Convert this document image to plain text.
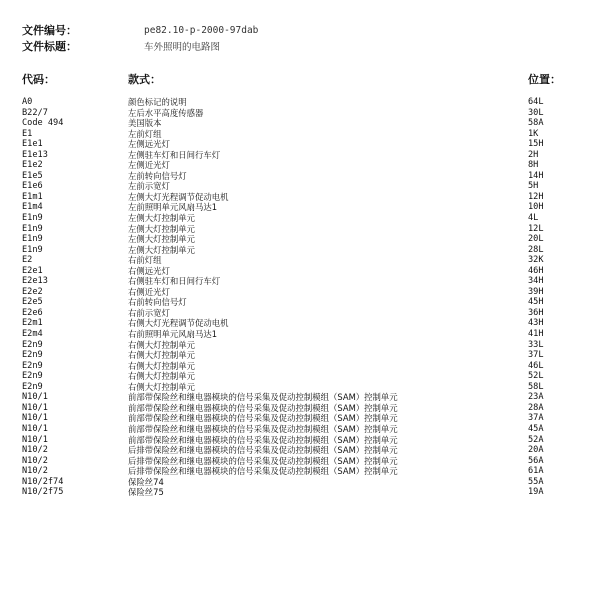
文件编号：	pe82.10-p-2000-97dab
文件标题：	车外照明的电路图
代码：	款式：	位置：
A0	颜色标记的说明	64L
B22/7	左后水平高度传感器	30L
Code 494	美国版本	58A
E1	左前灯组	1K
E1e1	左侧远光灯	15H
E1e13	左侧驻车灯和日间行车灯	2H
E1e2	左侧近光灯	8H
E1e5	左前转向信号灯	14H
E1e6	左前示宽灯	5H
E1m1	左侧大灯光程调节促动电机	12H
E1m4	左前照明单元风扇马达1	10H
E1n9	左侧大灯控制单元	4L
E1n9	左侧大灯控制单元	12L
E1n9	左侧大灯控制单元	20L
E1n9	左侧大灯控制单元	28L
E2	右前灯组	32K
E2e1	右侧远光灯	46H
E2e13	右侧驻车灯和日间行车灯	34H
E2e2	右侧近光灯	39H
E2e5	右前转向信号灯	45H
E2e6	右前示宽灯	36H
E2m1	右侧大灯光程调节促动电机	43H
E2m4	右前照明单元风扇马达1	41H
E2n9	右侧大灯控制单元	33L
E2n9	右侧大灯控制单元	37L
E2n9	右侧大灯控制单元	46L
E2n9	右侧大灯控制单元	52L
E2n9	右侧大灯控制单元	58L
N10/1	前部带保险丝和继电器模块的信号采集及促动控制模组（SAM）控制单元	23A
N10/1	前部带保险丝和继电器模块的信号采集及促动控制模组（SAM）控制单元	28A
N10/1	前部带保险丝和继电器模块的信号采集及促动控制模组（SAM）控制单元	37A
N10/1	前部带保险丝和继电器模块的信号采集及促动控制模组（SAM）控制单元	45A
N10/1	前部带保险丝和继电器模块的信号采集及促动控制模组（SAM）控制单元	52A
N10/2	后排带保险丝和继电器模块的信号采集及促动控制模组（SAM）控制单元	20A
N10/2	后排带保险丝和继电器模块的信号采集及促动控制模组（SAM）控制单元	56A
N10/2	后排带保险丝和继电器模块的信号采集及促动控制模组（SAM）控制单元	61A
N10/2f74	保险丝74	55A
N10/2f75	保险丝75	19A
